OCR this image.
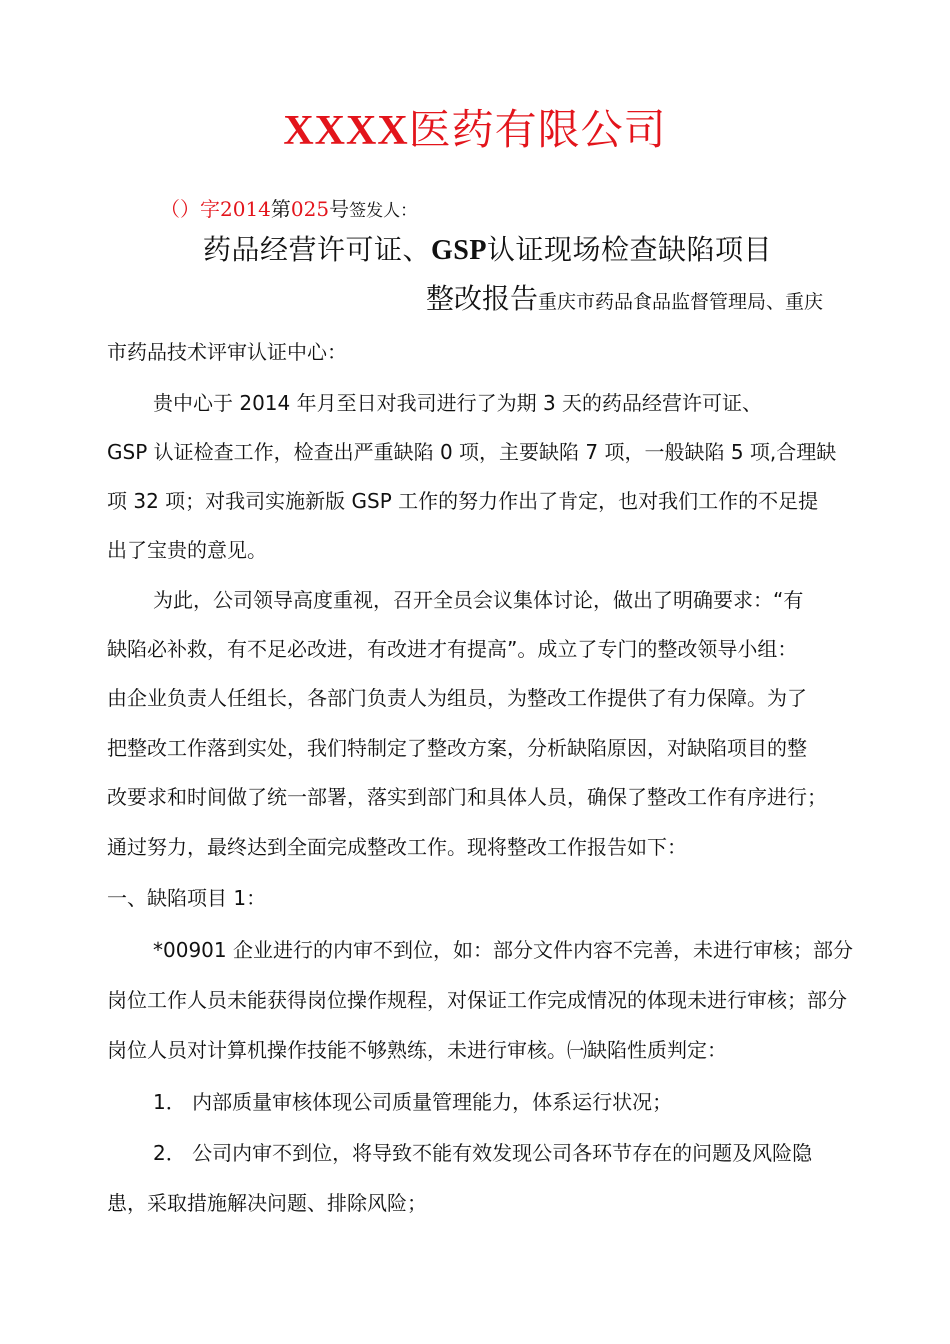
XXXX医药有限公司
（）字2014第025号签发人：
药品经营许可证、GSP认证现场检查缺陷项目
整改报告重庆市药品食品监督管理局、重庆
市药品技术评审认证中心：
贵中心于 2014 年月至日对我司进行了为期 3 天的药品经营许可证、
GSP 认证检查工作，检查出严重缺陷 0 项，主要缺陷 7 项，一般缺陷 5 项,合理缺
项 32 项；对我司实施新版 GSP 工作的努力作出了肯定，也对我们工作的不足提
出了宝贵的意见。
为此，公司领导高度重视，召开全员会议集体讨论，做出了明确要求：“有
缺陷必补救，有不足必改进，有改进才有提高”。成立了专门的整改领导小组：
由企业负责人任组长，各部门负责人为组员，为整改工作提供了有力保障。为了
把整改工作落到实处，我们特制定了整改方案，分析缺陷原因，对缺陷项目的整
改要求和时间做了统一部署，落实到部门和具体人员，确保了整改工作有序进行；
通过努力，最终达到全面完成整改工作。现将整改工作报告如下：
一、缺陷项目 1：
*00901 企业进行的内审不到位，如：部分文件内容不完善，未进行审核；部分
岗位工作人员未能获得岗位操作规程，对保证工作完成情况的体现未进行审核；部分
岗位人员对计算机操作技能不够熟练，未进行审核。㈠缺陷性质判定：
1． 内部质量审核体现公司质量管理能力，体系运行状况；
2． 公司内审不到位，将导致不能有效发现公司各环节存在的问题及风险隐
患，采取措施解决问题、排除风险；
